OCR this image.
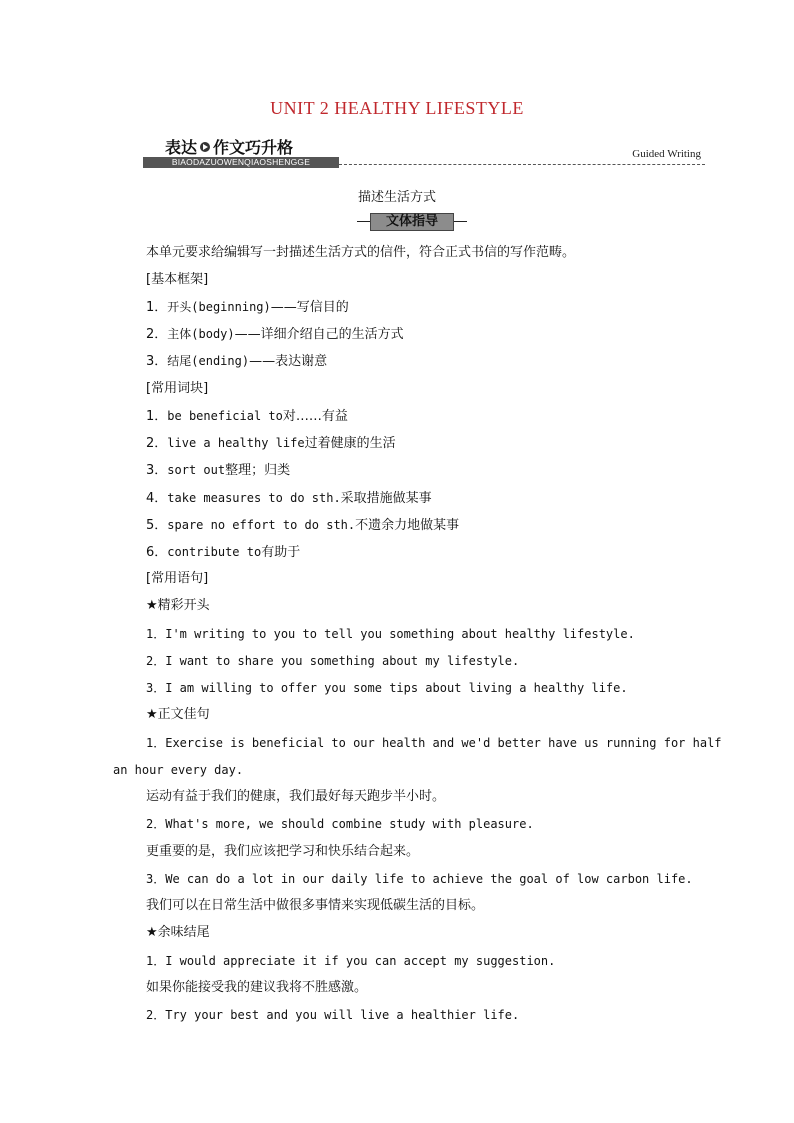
UNIT 2 HEALTHY LIFESTYLE
表达 作文巧升格
BIAODAZUOWENQIAOSHENGGE
Guided Writing
描述生活方式
文体指导
本单元要求给编辑写一封描述生活方式的信件，符合正式书信的写作范畴。
[基本框架]
1．开头(beginning)——写信目的
2．主体(body)——详细介绍自己的生活方式
3．结尾(ending)——表达谢意
[常用词块]
1．be beneficial to对……有益
2．live a healthy life过着健康的生活
3．sort out整理；归类
4．take measures to do sth.采取措施做某事
5．spare no effort to do sth.不遗余力地做某事
6．contribute to有助于
[常用语句]
★精彩开头
1．I'm writing to you to tell you something about healthy lifestyle.
2．I want to share you something about my lifestyle.
3．I am willing to offer you some tips about living a healthy life.
★正文佳句
1．Exercise is beneficial to our health and we'd better have us running for half
an hour every day.
运动有益于我们的健康，我们最好每天跑步半小时。
2．What's more, we should combine study with pleasure.
更重要的是，我们应该把学习和快乐结合起来。
3．We can do a lot in our daily life to achieve the goal of low carbon life.
我们可以在日常生活中做很多事情来实现低碳生活的目标。
★余味结尾
1．I would appreciate it if you can accept my suggestion.
如果你能接受我的建议我将不胜感激。
2．Try your best and you will live a healthier life.
